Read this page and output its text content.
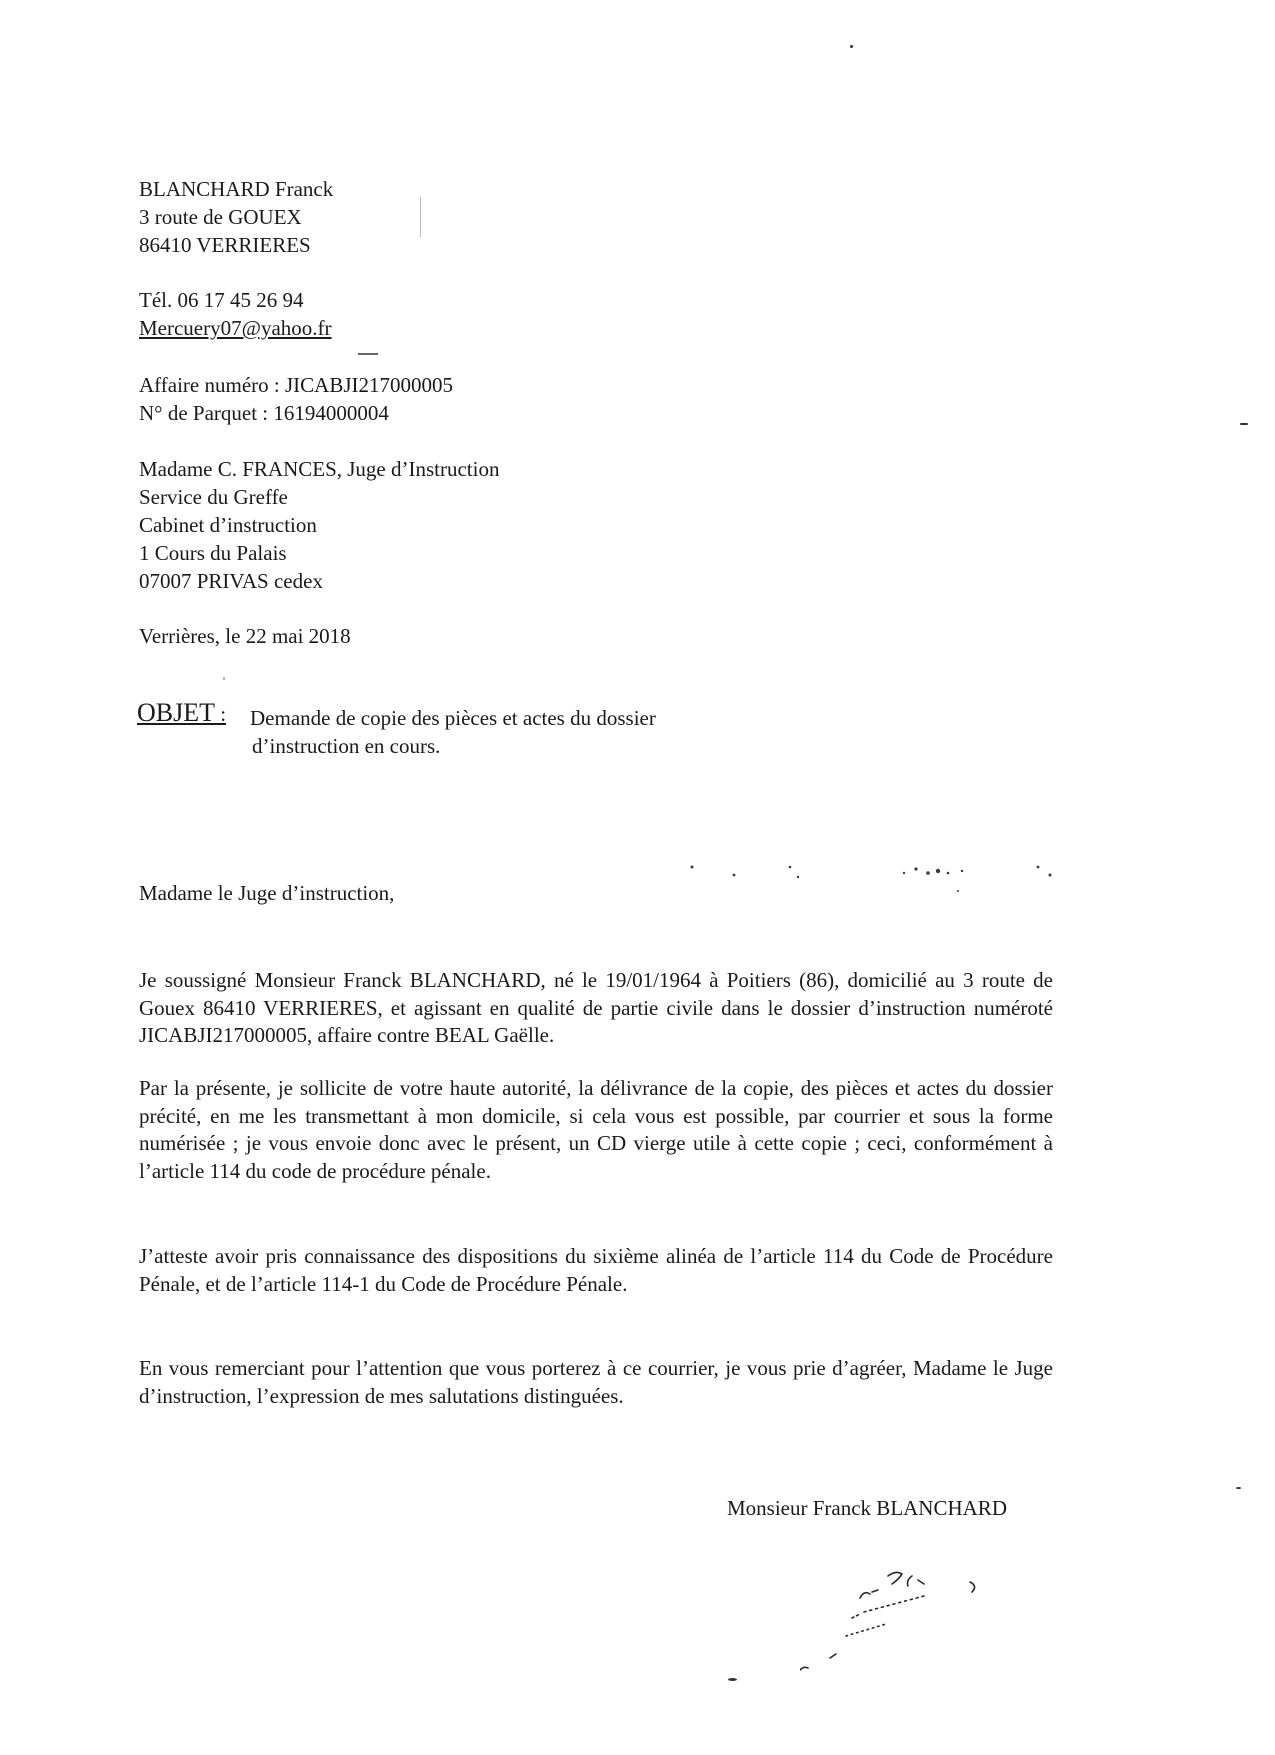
BLANCHARD Franck
3 route de GOUEX
86410 VERRIERES
Tél. 06 17 45 26 94
Mercuery07@yahoo.fr
Affaire numéro : JICABJI217000005
N° de Parquet : 16194000004
Madame C. FRANCES, Juge d’Instruction
Service du Greffe
Cabinet d’instruction
1 Cours du Palais
07007 PRIVAS cedex
Verrières, le 22 mai 2018
OBJET : Demande de copie des pièces et actes du dossier
d’instruction en cours.
Madame le Juge d’instruction,

Je soussigné Monsieur Franck BLANCHARD, né le 19/01/1964 à Poitiers (86), domicilié au 3 route de Gouex 86410 VERRIERES, et agissant en qualité de partie civile dans le dossier d’instruction numéroté JICABJI217000005, affaire contre BEAL Gaëlle.

Par la présente, je sollicite de votre haute autorité, la délivrance de la copie, des pièces et actes du dossier précité, en me les transmettant à mon domicile, si cela vous est possible, par courrier et sous la forme numérisée ; je vous envoie donc avec le présent, un CD vierge utile à cette copie ; ceci, conformément à l’article 114 du code de procédure pénale.

J’atteste avoir pris connaissance des dispositions du sixième alinéa de l’article 114 du Code de Procédure Pénale, et de l’article 114-1 du Code de Procédure Pénale.

En vous remerciant pour l’attention que vous porterez à ce courrier, je vous prie d’agréer, Madame le Juge d’instruction, l’expression de mes salutations distinguées.

Monsieur Franck BLANCHARD
